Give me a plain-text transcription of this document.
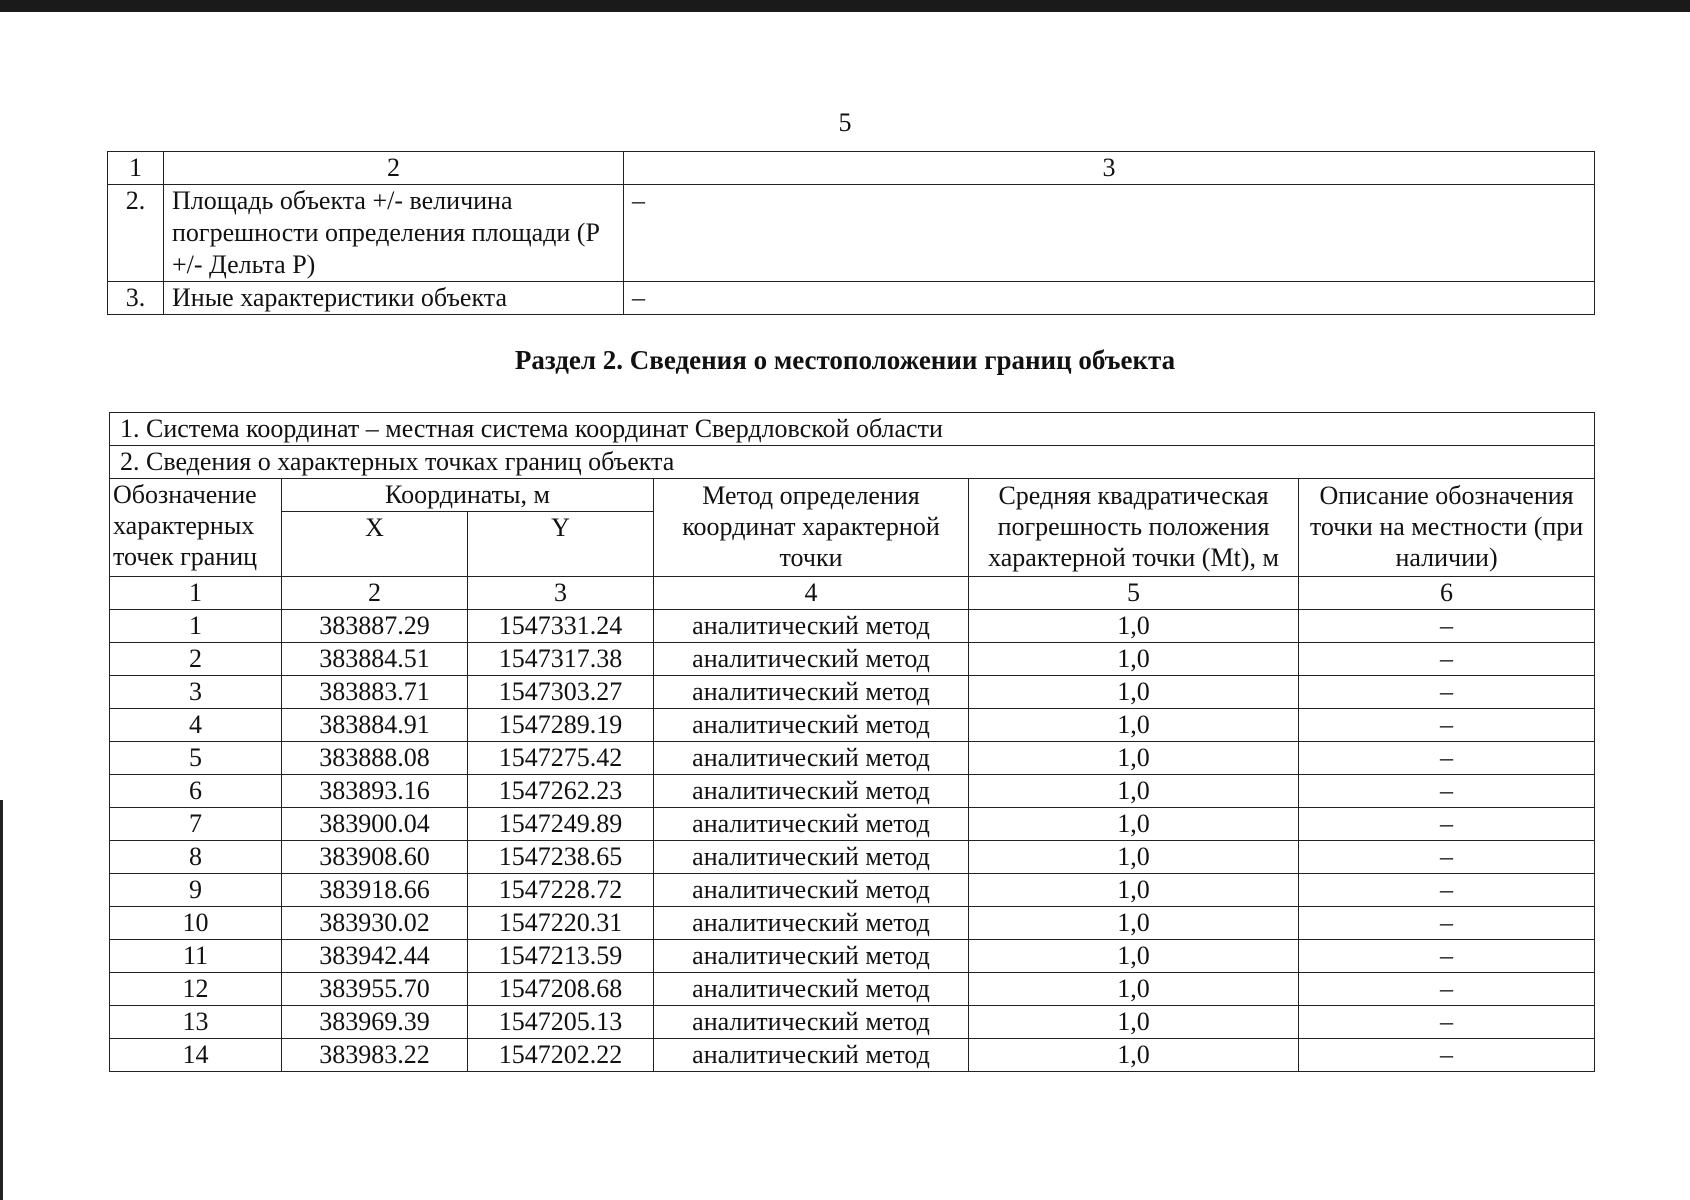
5
1	2	3
2.	Площадь объекта +/- величина погрешности определения площади (P +/- Дельта P)	–
3.	Иные характеристики объекта	–
Раздел 2. Сведения о местоположении границ объекта
1. Система координат – местная система координат Свердловской области					
2. Сведения о характерных точках границ объекта					
Обозначение характерных точек границ	Координаты, м		Метод определения координат характерной точки	Средняя квадратическая погрешность положения характерной точки (Mt), м	Описание обозначения точки на местности (при наличии)
	X	Y			
1	2	3	4	5	6
1	383887.29	1547331.24	аналитический метод	1,0	–
2	383884.51	1547317.38	аналитический метод	1,0	–
3	383883.71	1547303.27	аналитический метод	1,0	–
4	383884.91	1547289.19	аналитический метод	1,0	–
5	383888.08	1547275.42	аналитический метод	1,0	–
6	383893.16	1547262.23	аналитический метод	1,0	–
7	383900.04	1547249.89	аналитический метод	1,0	–
8	383908.60	1547238.65	аналитический метод	1,0	–
9	383918.66	1547228.72	аналитический метод	1,0	–
10	383930.02	1547220.31	аналитический метод	1,0	–
11	383942.44	1547213.59	аналитический метод	1,0	–
12	383955.70	1547208.68	аналитический метод	1,0	–
13	383969.39	1547205.13	аналитический метод	1,0	–
14	383983.22	1547202.22	аналитический метод	1,0	–
